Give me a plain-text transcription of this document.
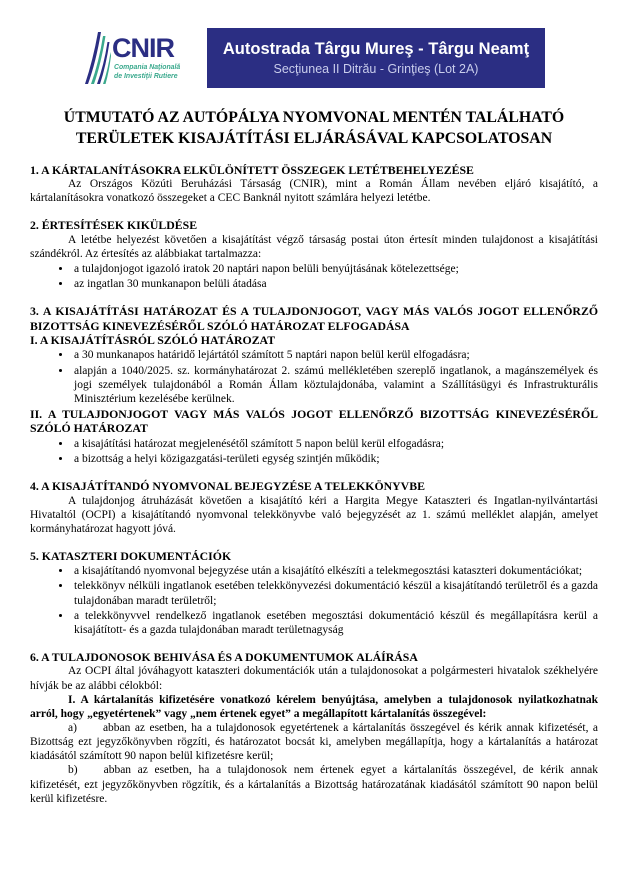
CNIR
Compania Naţională
de Investiţii Rutiere
Autostrada Târgu Mureş - Târgu Neamţ
Secţiunea II Ditrău - Grinţieş (Lot 2A)
ÚTMUTATÓ AZ AUTÓPÁLYA NYOMVONAL MENTÉN TALÁLHATÓ TERÜLETEK KISAJÁTÍTÁSI ELJÁRÁSÁVAL KAPCSOLATOSAN

1. A KÁRTALANÍTÁSOKRA ELKÜLÖNÍTETT ÖSSZEGEK LETÉTBEHELYEZÉSE

Az Országos Közúti Beruházási Társaság (CNIR), mint a Román Állam nevében eljáró kisajátító, a kártalanításokra vonatkozó összegeket a CEC Banknál nyitott számlára helyezi letétbe.

2. ÉRTESÍTÉSEK KIKÜLDÉSE

A letétbe helyezést követően a kisajátítást végző társaság postai úton értesít minden tulajdonost a kisajátítási szándékról. Az értesítés az alábbiakat tartalmazza:

• a tulajdonjogot igazoló iratok 20 naptári napon belüli benyújtásának kötelezettsége;
• az ingatlan 30 munkanapon belüli átadása

3. A KISAJÁTÍTÁSI HATÁROZAT ÉS A TULAJDONJOGOT, VAGY MÁS VALÓS JOGOT ELLENŐRZŐ BIZOTTSÁG KINEVEZÉSÉRŐL SZÓLÓ HATÁROZAT ELFOGADÁSA

I. A KISAJÁTÍTÁSRÓL SZÓLÓ HATÁROZAT

• a 30 munkanapos határidő lejártától számított 5 naptári napon belül kerül elfogadásra;
• alapján a 1040/2025. sz. kormányhatározat 2. számú mellékletében szereplő ingatlanok, a magánszemélyek és jogi személyek tulajdonából a Román Állam köztulajdonába, valamint a Szállításügyi és Infrastrukturális Minisztérium kezelésébe kerülnek.

II. A TULAJDONJOGOT VAGY MÁS VALÓS JOGOT ELLENŐRZŐ BIZOTTSÁG KINEVEZÉSÉRŐL SZÓLÓ HATÁROZAT

• a kisajátítási határozat megjelenésétől számított 5 napon belül kerül elfogadásra;
• a bizottság a helyi közigazgatási-területi egység szintjén működik;

4. A KISAJÁTÍTANDÓ NYOMVONAL BEJEGYZÉSE A TELEKKÖNYVBE

A tulajdonjog átruházását követően a kisajátító kéri a Hargita Megye Kataszteri és Ingatlan-nyilvántartási Hivataltól (OCPI) a kisajátítandó nyomvonal telekkönyvbe való bejegyzését az 1. számú melléklet alapján, amelyet kormányhatározat hagyott jóvá.

5. KATASZTERI DOKUMENTÁCIÓK

• a kisajátítandó nyomvonal bejegyzése után a kisajátító elkészíti a telekmegosztási kataszteri dokumentációkat;
• telekkönyv nélküli ingatlanok esetében telekkönyvezési dokumentáció készül a kisajátítandó területről és a gazda tulajdonában maradt területről;
• a telekkönyvvel rendelkező ingatlanok esetében megosztási dokumentáció készül és megállapításra kerül a kisajátított- és a gazda tulajdonában maradt területnagyság

6. A TULAJDONOSOK BEHIVÁSA ÉS A DOKUMENTUMOK ALÁÍRÁSA

Az OCPI által jóváhagyott kataszteri dokumentációk után a tulajdonosokat a polgármesteri hivatalok székhelyére hívják be az alábbi célokból:

I. A kártalanítás kifizetésére vonatkozó kérelem benyújtása, amelyben a tulajdonosok nyilatkozhatnak arról, hogy „egyetértenek” vagy „nem értenek egyet” a megállapított kártalanítás összegével:

a) abban az esetben, ha a tulajdonosok egyetértenek a kártalanítás összegével és kérik annak kifizetését, a Bizottság ezt jegyzőkönyvben rögzíti, és határozatot bocsát ki, amelyben megállapítja, hogy a kártalanítás a határozat kiadásától számított 90 napon belül kifizetésre kerül;

b) abban az esetben, ha a tulajdonosok nem értenek egyet a kártalanítás összegével, de kérik annak kifizetését, ezt jegyzőkönyvben rögzítik, és a kártalanítás a Bizottság határozatának kiadásától számított 90 napon belül kerül kifizetésre.
